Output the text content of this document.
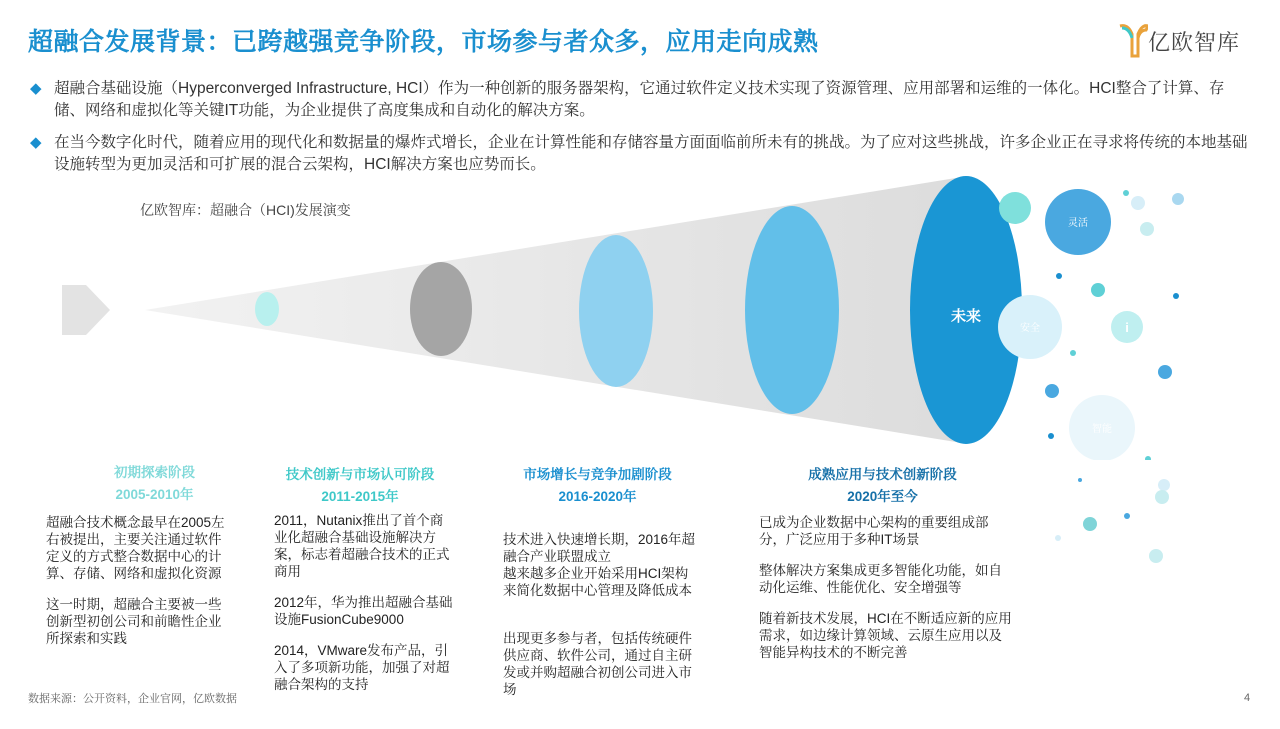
超融合发展背景：已跨越强竞争阶段，市场参与者众多，应用走向成熟	亿欧智库
◆ 超融合基础设施（Hyperconverged Infrastructure, HCI）作为一种创新的服务器架构，它通过软件定义技术实现了资源管理、应用部署和运维的一体化。HCI整合了计算、存储、网络和虚拟化等关键IT功能，为企业提供了高度集成和自动化的解决方案。
◆ 在当今数字化时代，随着应用的现代化和数据量的爆炸式增长，企业在计算性能和存储容量方面面临前所未有的挑战。为了应对这些挑战，许多企业正在寻求将传统的本地基础设施转型为更加灵活和可扩展的混合云架构，HCI解决方案也应势而长。
未来
灵活
安全
智能
i
亿欧智库：超融合（HCI)发展演变
初期探索阶段
2005-2010年

超融合技术概念最早在2005左右被提出，主要关注通过软件定义的方式整合数据中心的计算、存储、网络和虚拟化资源

这一时期，超融合主要被一些创新型初创公司和前瞻性企业所探索和实践

技术创新与市场认可阶段
2011-2015年

2011，Nutanix推出了首个商业化超融合基础设施解决方案，标志着超融合技术的正式商用

2012年，华为推出超融合基础设施FusionCube9000

2014，VMware发布产品，引入了多项新功能，加强了对超融合架构的支持

市场增长与竞争加剧阶段
2016-2020年

技术进入快速增长期，2016年超融合产业联盟成立
越来越多企业开始采用HCI架构来简化数据中心管理及降低成本

出现更多参与者，包括传统硬件供应商、软件公司，通过自主研发或并购超融合初创公司进入市场

成熟应用与技术创新阶段
2020年至今

已成为企业数据中心架构的重要组成部分，广泛应用于多种IT场景

整体解决方案集成更多智能化功能，如自动化运维、性能优化、安全增强等

随着新技术发展，HCI在不断适应新的应用需求，如边缘计算领域、云原生应用以及智能异构技术的不断完善

数据来源：公开资料，企业官网，亿欧数据	4
